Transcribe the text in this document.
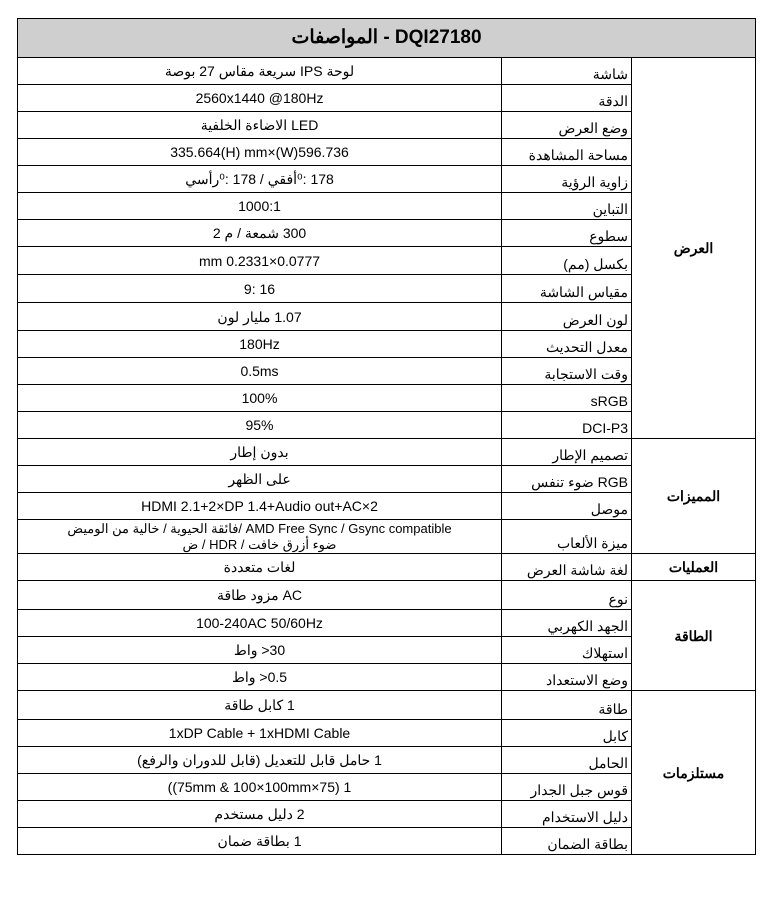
DQI27180 - المواصفات		
العرض	شاشة	لوحة IPS سريعة مقاس 27 بوصة
	الدقة	2560x1440 @180Hz
	وضع العرض	LED الاضاءة الخلفية
	مساحة المشاهدة	596.736(W)×335.664(H) mm
	زاوية الرؤية	178 :⁰أفقي / 178 :⁰رأسي
	التباين	1000:1
	سطوع	300 شمعة / م 2
	بكسل (مم)	0.0777×0.2331 mm
	مقياس الشاشة	16 :9
	لون العرض	1.07 مليار لون
	معدل التحديث	180Hz
	وقت الاستجابة	0.5ms
	sRGB	100%
	DCI-P3	95%
المميزات	تصميم الإطار	بدون إطار
	RGB ضوء تنفس	على الظهر
	موصل	2×HDMI 2.1+2×DP 1.4+Audio out+AC
	ميزة الألعاب	AMD Free Sync / Gsync compatible /فائقة الحيوية / خالية من الوميض
ضوء أزرق خافت / HDR / ض

العمليات	لغة شاشة العرض	لغات متعددة
الطاقة	نوع	AC مزود طاقة
	الجهد الكهربي	100-240AC 50/60Hz
	استهلاك	30< واط
	وضع الاستعداد	0.5< واط
مستلزمات	طاقة	1 كابل طاقة
	كابل	1xDP Cable + 1xHDMI Cable
	الحامل	1 حامل قابل للتعديل (قابل للدوران والرفع)
	قوس جبل الجدار	1 (75×75mm & 100×100mm))
	دليل الاستخدام	2 دليل مستخدم
	بطاقة الضمان	1 بطاقة ضمان
